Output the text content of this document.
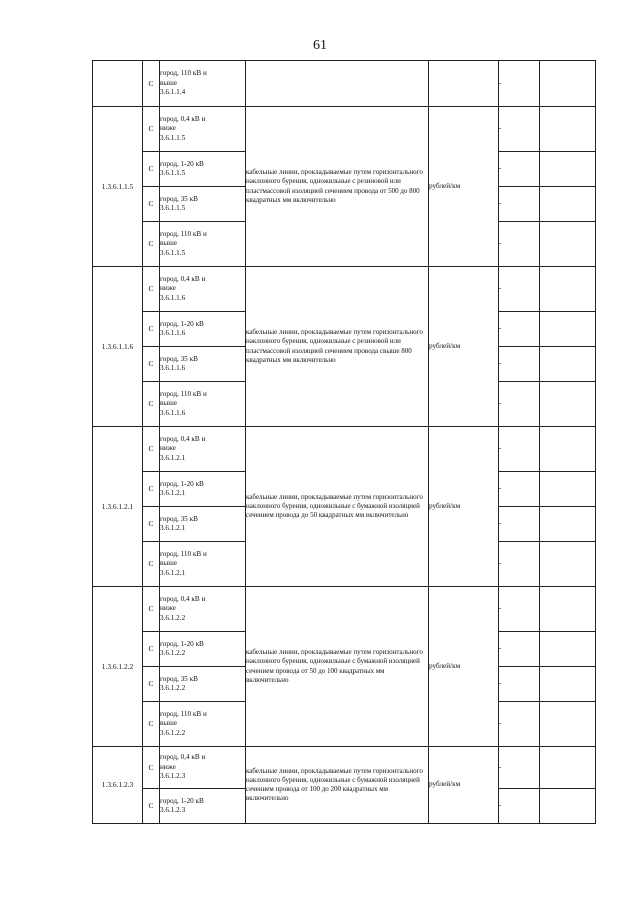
61
	С	город, 110 кВ и
выше
3.6.1.1.4			-	
1.3.6.1.1.5	С	город, 0,4 кВ и
ниже
3.6.1.1.5	кабельные линии, прокладываемые путем горизонтального наклонного бурения, одножильные с резиновой или пластмассовой изоляцией сечением провода от 500 до 800 квадратных мм включительно	рублей/км	-	
	С	город, 1-20 кВ
3.6.1.1.5			-	
	С	город, 35 кВ
3.6.1.1.5			-	
	С	город, 110 кВ и
выше
3.6.1.1.5			-	
1.3.6.1.1.6	С	город, 0,4 кВ и
ниже
3.6.1.1.6	кабельные линии, прокладываемые путем горизонтального наклонного бурения, одножильные с резиновой или пластмассовой изоляцией сечением провода свыше 800 квадратных мм включительно	рублей/км	-	
	С	город, 1-20 кВ
3.6.1.1.6			-	
	С	город, 35 кВ
3.6.1.1.6			-	
	С	город, 110 кВ и
выше
3.6.1.1.6			-	
1.3.6.1.2.1	С	город, 0,4 кВ и
ниже
3.6.1.2.1	кабельные линии, прокладываемые путем горизонтального наклонного бурения, одножильные с бумажной изоляцией сечением провода до 50 квадратных мм включительно	рублей/км	-	
	С	город, 1-20 кВ
3.6.1.2.1			-	
	С	город, 35 кВ
3.6.1.2.1			-	
	С	город, 110 кВ и
выше
3.6.1.2.1			-	
1.3.6.1.2.2	С	город, 0,4 кВ и
ниже
3.6.1.2.2	кабельные линии, прокладываемые путем горизонтального наклонного бурения, одножильные с бумажной изоляцией сечением провода от 50 до 100 квадратных мм включительно	рублей/км	-	
	С	город, 1-20 кВ
3.6.1.2.2			-	
	С	город, 35 кВ
3.6.1.2.2			-	
	С	город, 110 кВ и
выше
3.6.1.2.2			-	
1.3.6.1.2.3	С	город, 0,4 кВ и
ниже
3.6.1.2.3	кабельные линии, прокладываемые путем горизонтального наклонного бурения, одножильные с бумажной изоляцией сечением провода от 100 до 200 квадратных мм включительно	рублей/км	-	
	С	город, 1-20 кВ
3.6.1.2.3			-	
